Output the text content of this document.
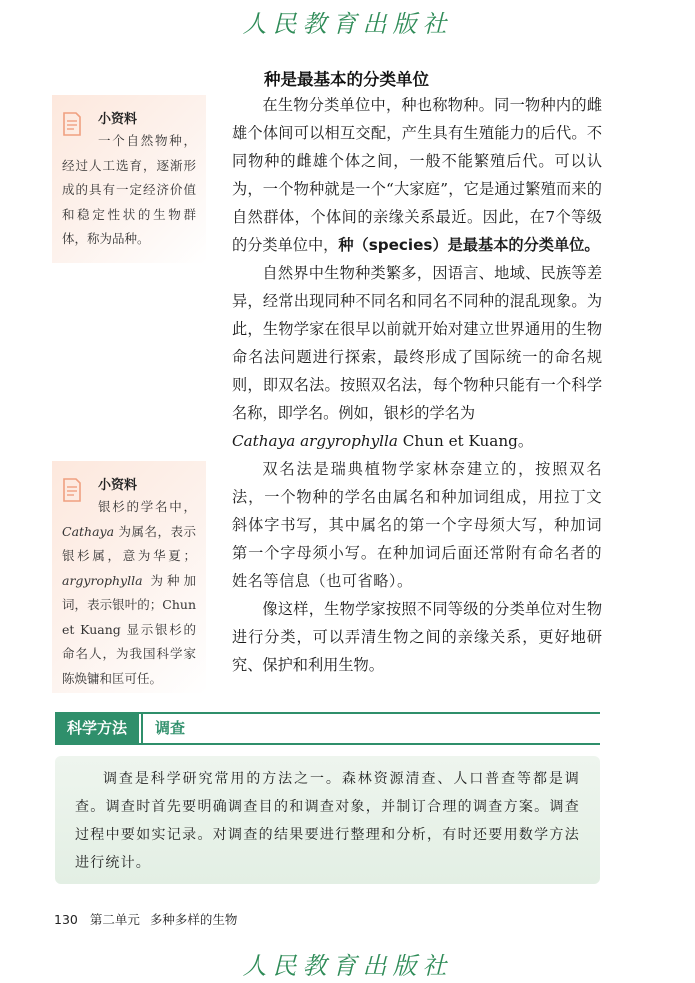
人民教育出版社
种是最基本的分类单位

在生物分类单位中，种也称物种。同一物种内的雌雄个体间可以相互交配，产生具有生殖能力的后代。不同物种的雌雄个体之间，一般不能繁殖后代。可以认为，一个物种就是一个“大家庭”，它是通过繁殖而来的自然群体，个体间的亲缘关系最近。因此，在7个等级的分类单位中，种（species）是最基本的分类单位。

自然界中生物种类繁多，因语言、地域、民族等差异，经常出现同种不同名和同名不同种的混乱现象。为此，生物学家在很早以前就开始对建立世界通用的生物命名法问题进行探索，最终形成了国际统一的命名规则，即双名法。按照双名法，每个物种只能有一个科学名称，即学名。例如，银杉的学名为
Cathaya argyrophylla Chun et Kuang。

双名法是瑞典植物学家林奈建立的，按照双名法，一个物种的学名由属名和种加词组成，用拉丁文斜体字书写，其中属名的第一个字母须大写，种加词第一个字母须小写。在种加词后面还常附有命名者的姓名等信息（也可省略）。

像这样，生物学家按照不同等级的分类单位对生物进行分类，可以弄清生物之间的亲缘关系，更好地研究、保护和利用生物。

小资料
一个自然物种，经过人工选育，逐渐形成的具有一定经济价值和稳定性状的生物群体，称为品种。
小资料
银杉的学名中，Cathaya 为属名，表示银杉属，意为华夏；argyrophylla 为种加词，表示银叶的；Chun et Kuang 显示银杉的命名人，为我国科学家陈焕镛和匡可任。
科学方法	调查

调查是科学研究常用的方法之一。森林资源清查、人口普查等都是调查。调查时首先要明确调查目的和调查对象，并制订合理的调查方案。调查过程中要如实记录。对调查的结果要进行整理和分析，有时还要用数学方法进行统计。

130 第二单元 多种多样的生物
人民教育出版社
